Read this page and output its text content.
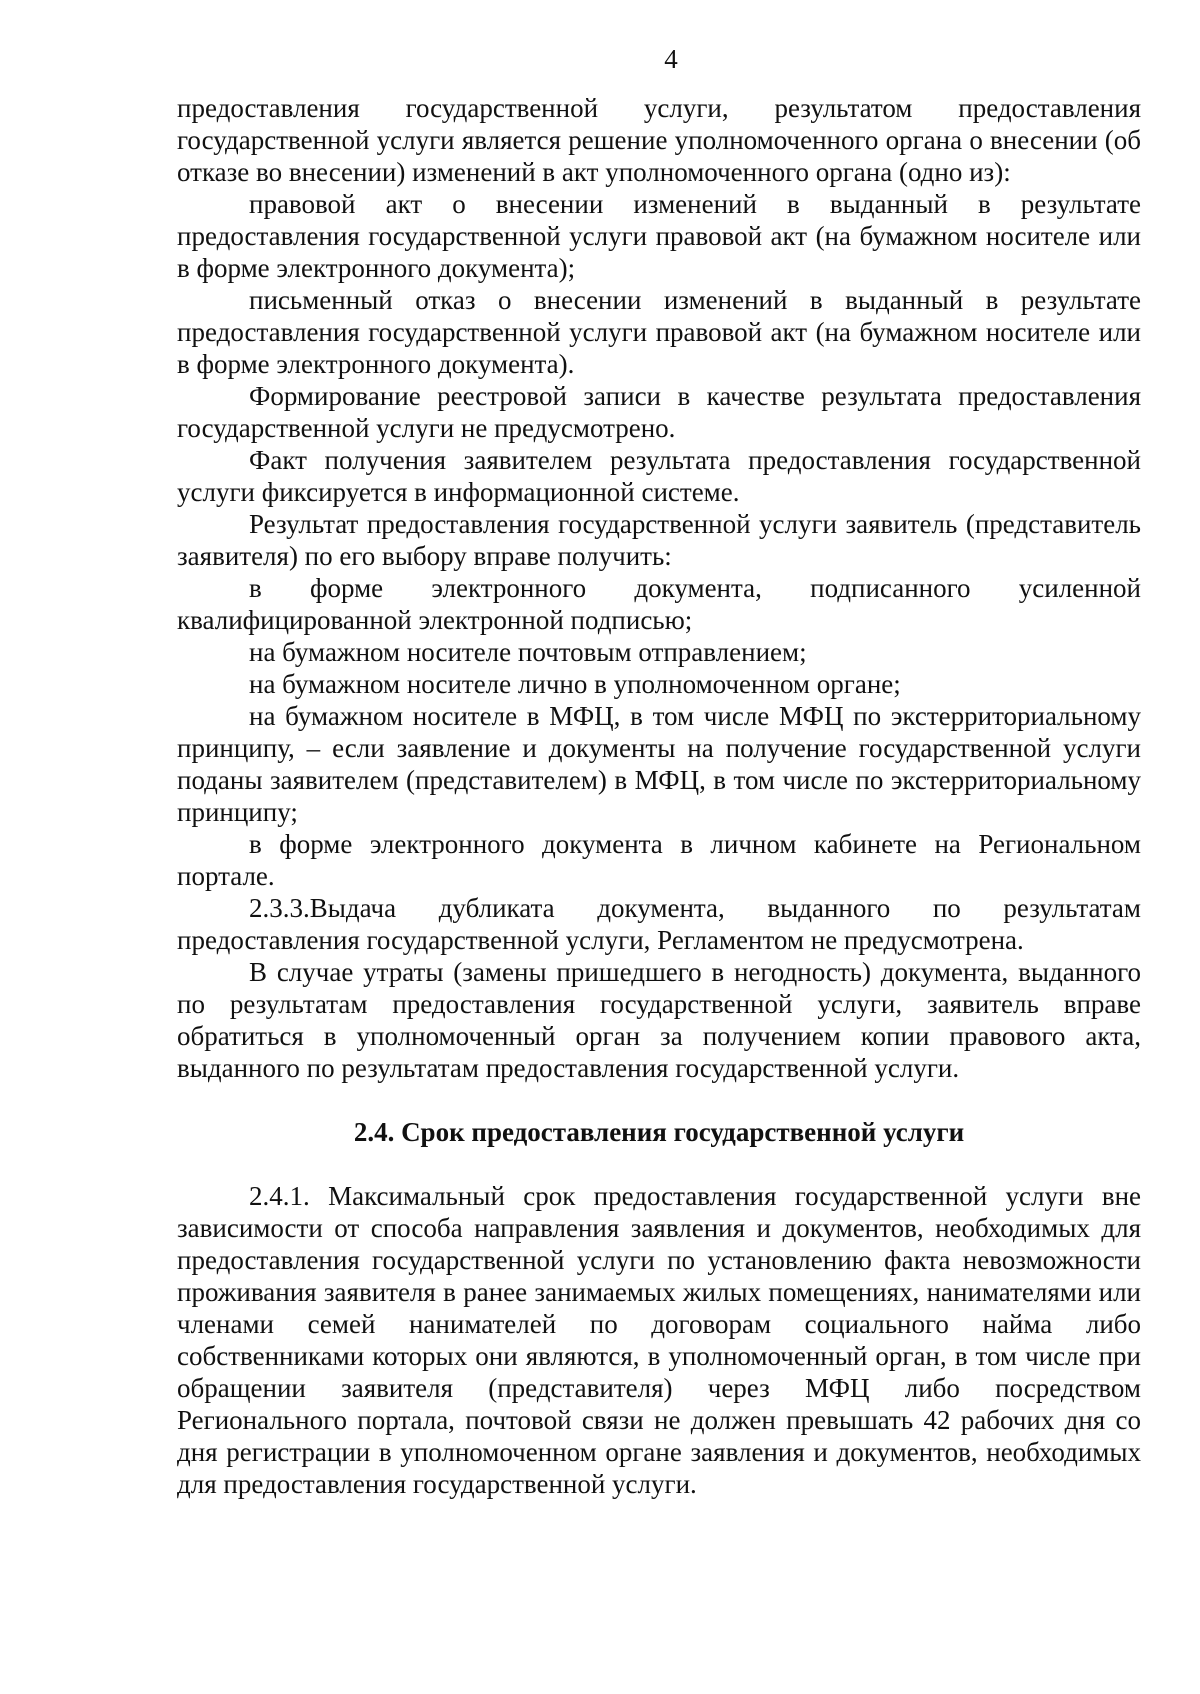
4

предоставления государственной услуги, результатом предоставления государственной услуги является решение уполномоченного органа о внесении (об отказе во внесении) изменений в акт уполномоченного органа (одно из):

правовой акт о внесении изменений в выданный в результате предоставления государственной услуги правовой акт (на бумажном носителе или в форме электронного документа);

письменный отказ о внесении изменений в выданный в результате предоставления государственной услуги правовой акт (на бумажном носителе или в форме электронного документа).

Формирование реестровой записи в качестве результата предоставления государственной услуги не предусмотрено.

Факт получения заявителем результата предоставления государственной услуги фиксируется в информационной системе.

Результат предоставления государственной услуги заявитель (представитель заявителя) по его выбору вправе получить:

в форме электронного документа, подписанного усиленной квалифицированной электронной подписью;

на бумажном носителе почтовым отправлением;

на бумажном носителе лично в уполномоченном органе;

на бумажном носителе в МФЦ, в том числе МФЦ по экстерриториальному принципу, – если заявление и документы на получение государственной услуги поданы заявителем (представителем) в МФЦ, в том числе по экстерриториальному принципу;

в форме электронного документа в личном кабинете на Региональном портале.

2.3.3.Выдача дубликата документа, выданного по результатам предоставления государственной услуги, Регламентом не предусмотрена.

В случае утраты (замены пришедшего в негодность) документа, выданного по результатам предоставления государственной услуги, заявитель вправе обратиться в уполномоченный орган за получением копии правового акта, выданного по результатам предоставления государственной услуги.

2.4. Срок предоставления государственной услуги

2.4.1. Максимальный срок предоставления государственной услуги вне зависимости от способа направления заявления и документов, необходимых для предоставления государственной услуги по установлению факта невозможности проживания заявителя в ранее занимаемых жилых помещениях, нанимателями или членами семей нанимателей по договорам социального найма либо собственниками которых они являются, в уполномоченный орган, в том числе при обращении заявителя (представителя) через МФЦ либо посредством Регионального портала, почтовой связи не должен превышать 42 рабочих дня со дня регистрации в уполномоченном органе заявления и документов, необходимых для предоставления государственной услуги.
